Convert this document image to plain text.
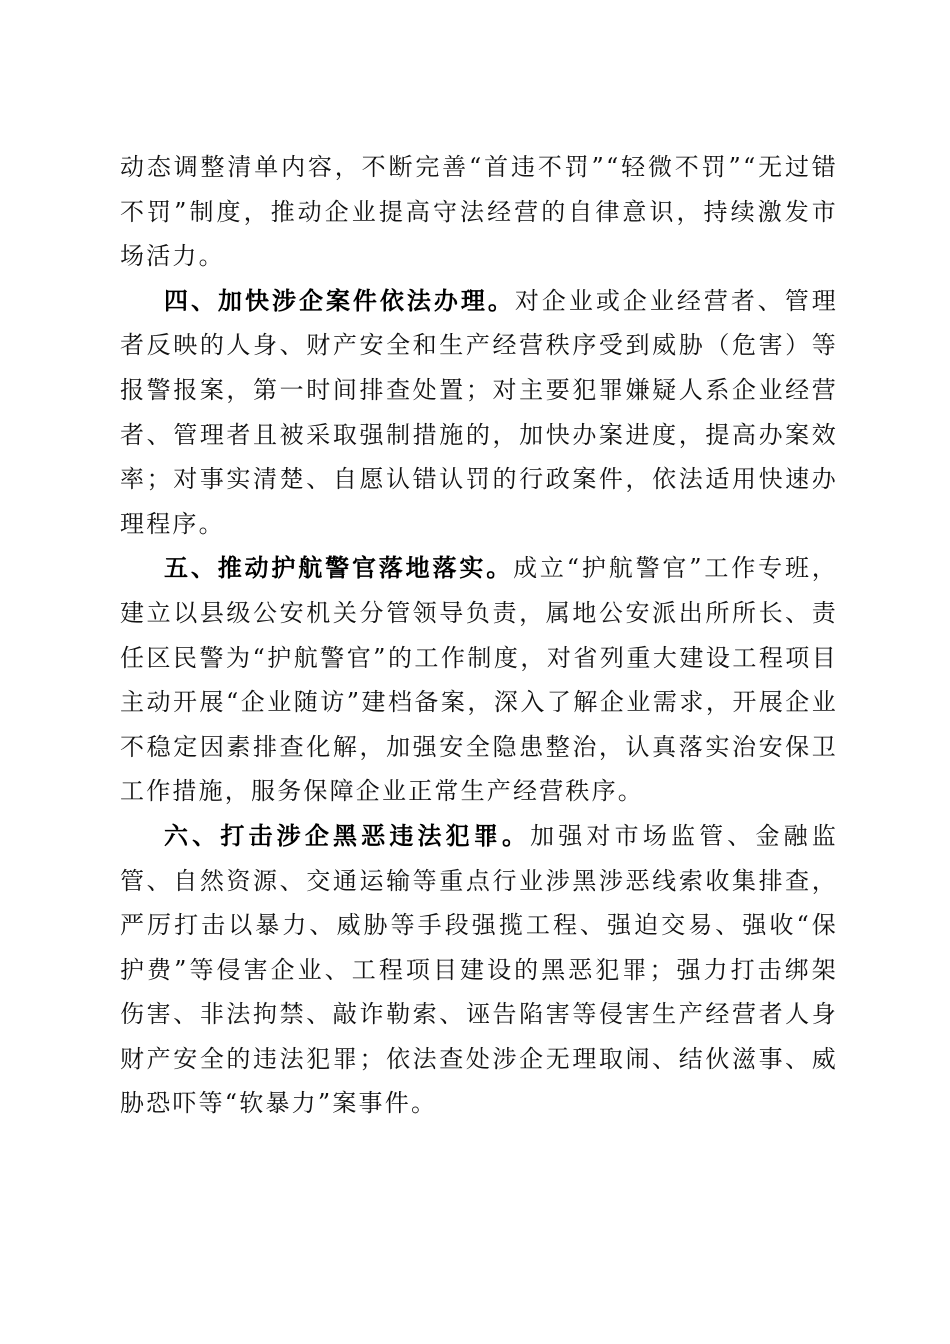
动态调整清单内容，不断完善“首违不罚”“轻微不罚”“无过错不罚”制度，推动企业提高守法经营的自律意识，持续激发市场活力。

四、加快涉企案件依法办理。对企业或企业经营者、管理者反映的人身、财产安全和生产经营秩序受到威胁（危害）等报警报案，第一时间排查处置；对主要犯罪嫌疑人系企业经营者、管理者且被采取强制措施的，加快办案进度，提高办案效率；对事实清楚、自愿认错认罚的行政案件，依法适用快速办理程序。

五、推动护航警官落地落实。成立“护航警官”工作专班，建立以县级公安机关分管领导负责，属地公安派出所所长、责任区民警为“护航警官”的工作制度，对省列重大建设工程项目主动开展“企业随访”建档备案，深入了解企业需求，开展企业不稳定因素排查化解，加强安全隐患整治，认真落实治安保卫工作措施，服务保障企业正常生产经营秩序。

六、打击涉企黑恶违法犯罪。加强对市场监管、金融监管、自然资源、交通运输等重点行业涉黑涉恶线索收集排查，严厉打击以暴力、威胁等手段强揽工程、强迫交易、强收“保护费”等侵害企业、工程项目建设的黑恶犯罪；强力打击绑架伤害、非法拘禁、敲诈勒索、诬告陷害等侵害生产经营者人身财产安全的违法犯罪；依法查处涉企无理取闹、结伙滋事、威胁恐吓等“软暴力”案事件。
